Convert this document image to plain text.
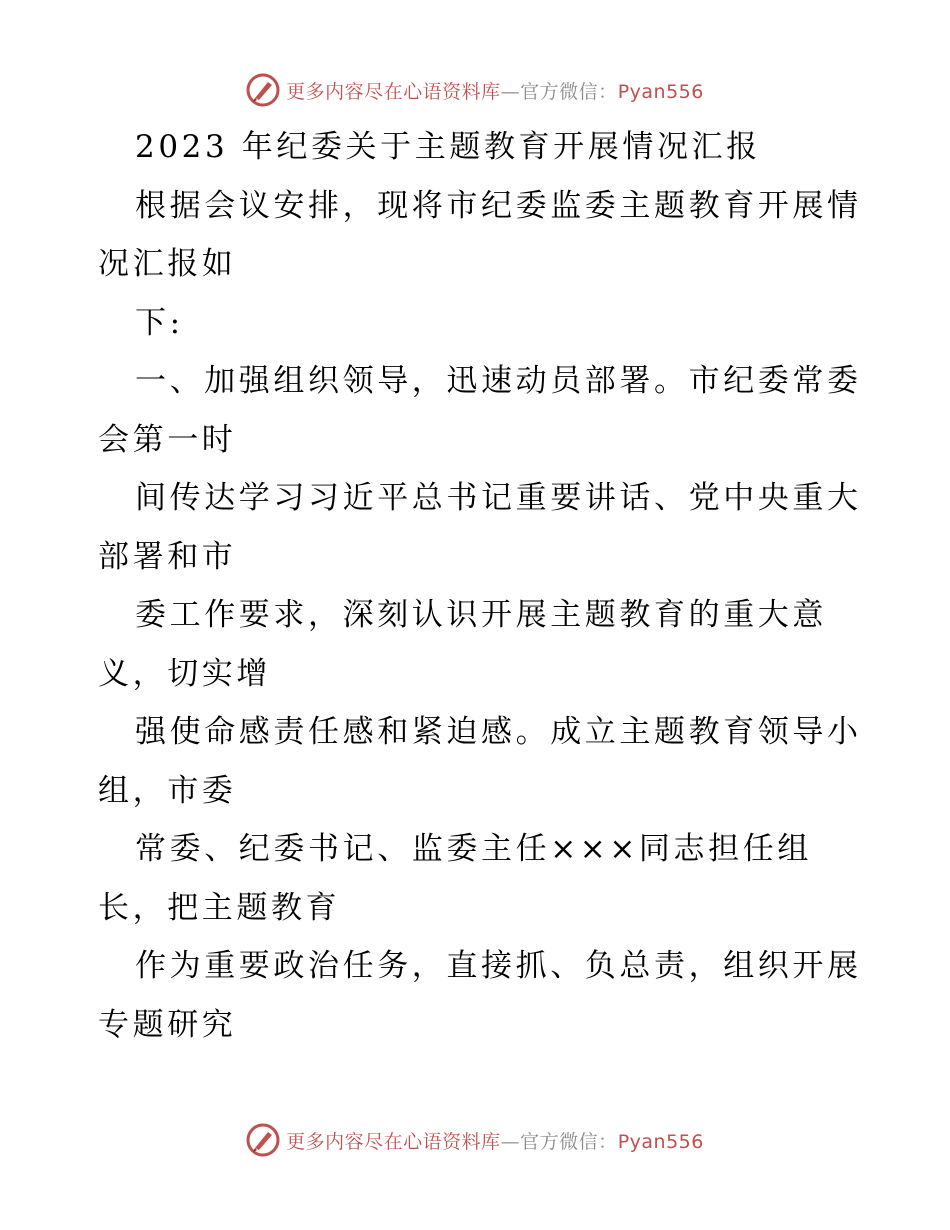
更多内容尽在心语资料库—官方微信：Pyan556
2023 年纪委关于主题教育开展情况汇报
根据会议安排，现将市纪委监委主题教育开展情
况汇报如
下:
一、加强组织领导，迅速动员部署。市纪委常委
会第一时
间传达学习习近平总书记重要讲话、党中央重大
部署和市
委工作要求，深刻认识开展主题教育的重大意
义，切实增
强使命感责任感和紧迫感。成立主题教育领导小
组，市委
常委、纪委书记、监委主任×××同志担任组
长，把主题教育
作为重要政治任务，直接抓、负总责，组织开展
专题研究
更多内容尽在心语资料库—官方微信：Pyan556
